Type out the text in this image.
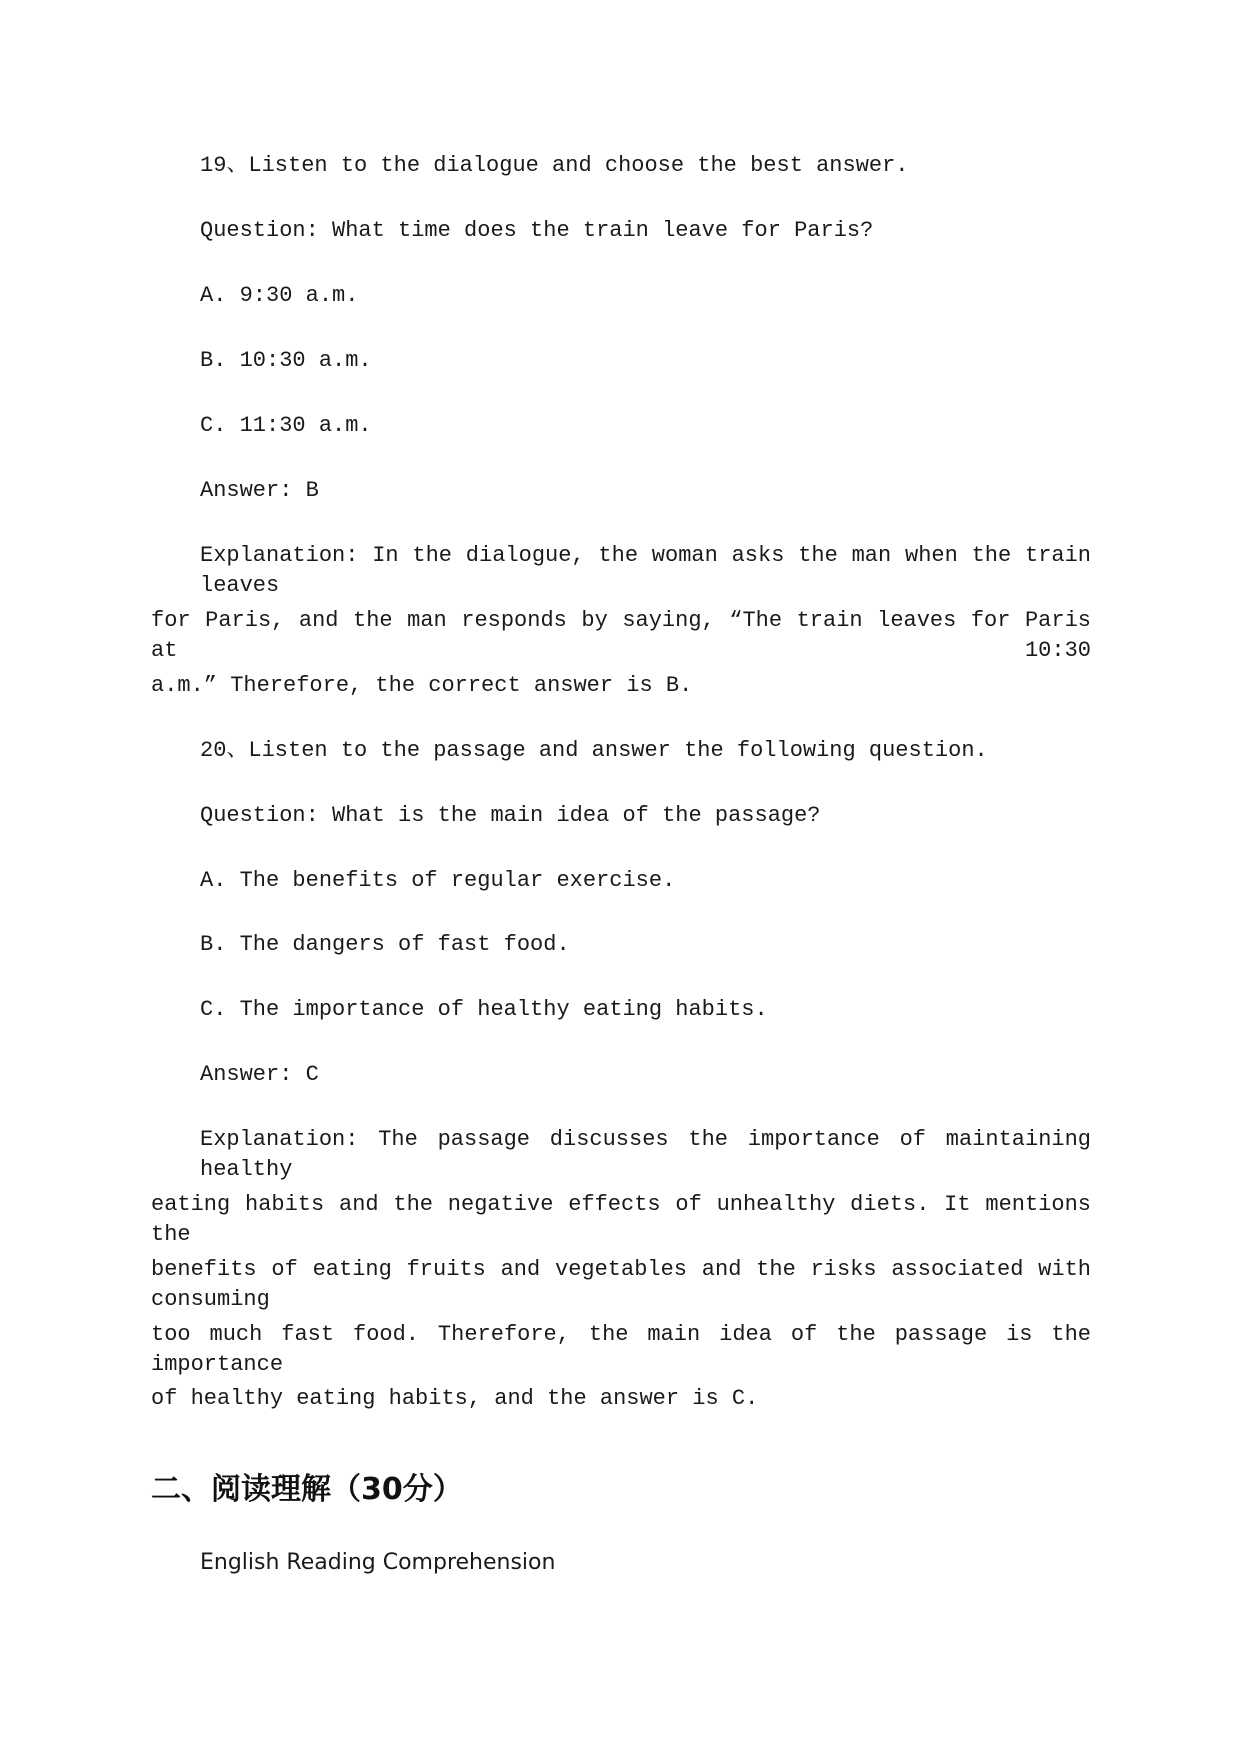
19、Listen to the dialogue and choose the best answer.
Question: What time does the train leave for Paris?
A. 9:30 a.m.
B. 10:30 a.m.
C. 11:30 a.m.
Answer: B
Explanation: In the dialogue, the woman asks the man when the train leaves
for Paris, and the man responds by saying, “The train leaves for Paris at 10:30
a.m.” Therefore, the correct answer is B.
20、Listen to the passage and answer the following question.
Question: What is the main idea of the passage?
A. The benefits of regular exercise.
B. The dangers of fast food.
C. The importance of healthy eating habits.
Answer: C
Explanation: The passage discusses the importance of maintaining healthy
eating habits and the negative effects of unhealthy diets. It mentions the
benefits of eating fruits and vegetables and the risks associated with consuming
too much fast food. Therefore, the main idea of the passage is the importance
of healthy eating habits, and the answer is C.
二、阅读理解（30分）
English Reading Comprehension
